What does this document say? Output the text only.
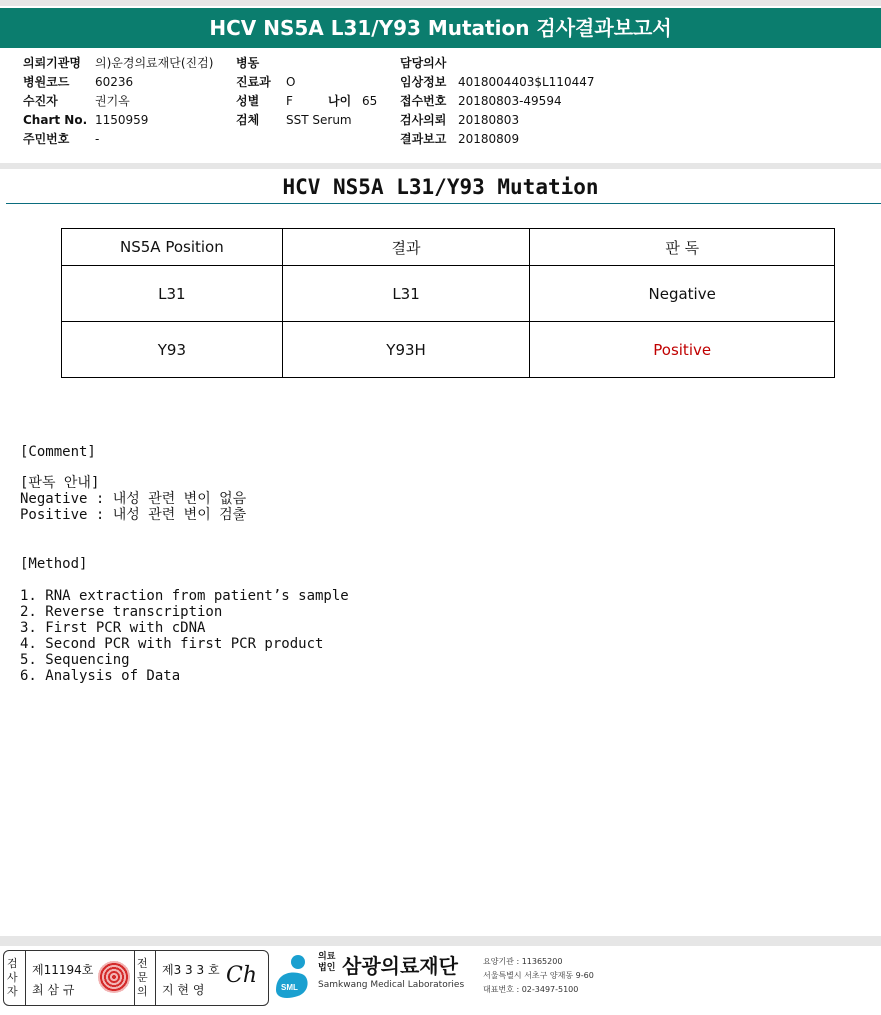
HCV NS5A L31/Y93 Mutation 검사결과보고서
의뢰기관명 의)운경의료재단(진검)
병원코드 60236
수진자	권기옥
Chart No. 1150959
주민번호 -
병동
진료과 O
성별 F	나이 65
검체 SST Serum
담당의사
임상정보 4018004403$L110447
접수번호 20180803-49594
검사의뢰 20180803
결과보고 20180809
HCV NS5A L31/Y93 Mutation
NS5A Position	결과	판 독
L31	L31	Negative
Y93	Y93H	Positive
[Comment]
[판독 안내]
Negative : 내성 관련 변이 없음
Positive : 내성 관련 변이 검출
[Method]
1. RNA extraction from patient’s sample
2. Reverse transcription
3. First PCR with cDNA
4. Second PCR with first PCR product
5. Sequencing
6. Analysis of Data
검사자
제11194호
최 삼 규
전문의
제3 3 3 호
지 현 영
Ch	SML
의료법인 삼광의료재단
Samkwang Medical Laboratories
요양기관 : 11365200
서울특별시 서초구 양재동 9-60
대표번호 : 02-3497-5100
